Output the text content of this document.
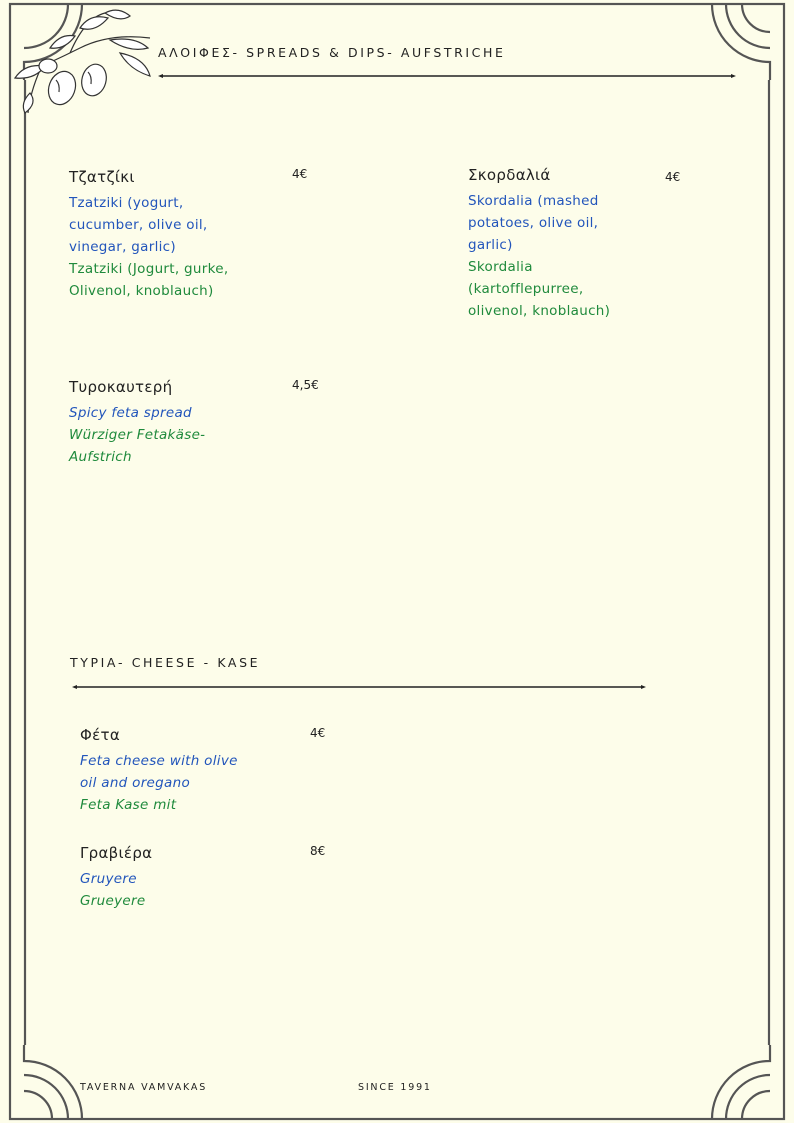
ΑΛΟΙΦΕΣ- SPREADS & DIPS- AUFSTRICHE
Τζατζίκι
Tzatziki (yogurt,
cucumber, olive oil,
vinegar, garlic)
Tzatziki (Jogurt, gurke,
Olivenol, knoblauch)
4€	Σκορδαλιά
Skordalia (mashed
potatoes, olive oil,
garlic)
Skordalia
(kartofflepurree,
olivenol, knoblauch)
4€
Τυροκαυτερή
Spicy feta spread
Würziger Fetakäse-
Aufstrich
4,5€
ΤΥΡΙΑ- CHEESE - KASE
Φέτα
Feta cheese with olive
oil and oregano
Feta Kase mit
4€
Γραβιέρα
Gruyere
Grueyere
8€
TAVERNA VAMVAKAS	SINCE 1991
